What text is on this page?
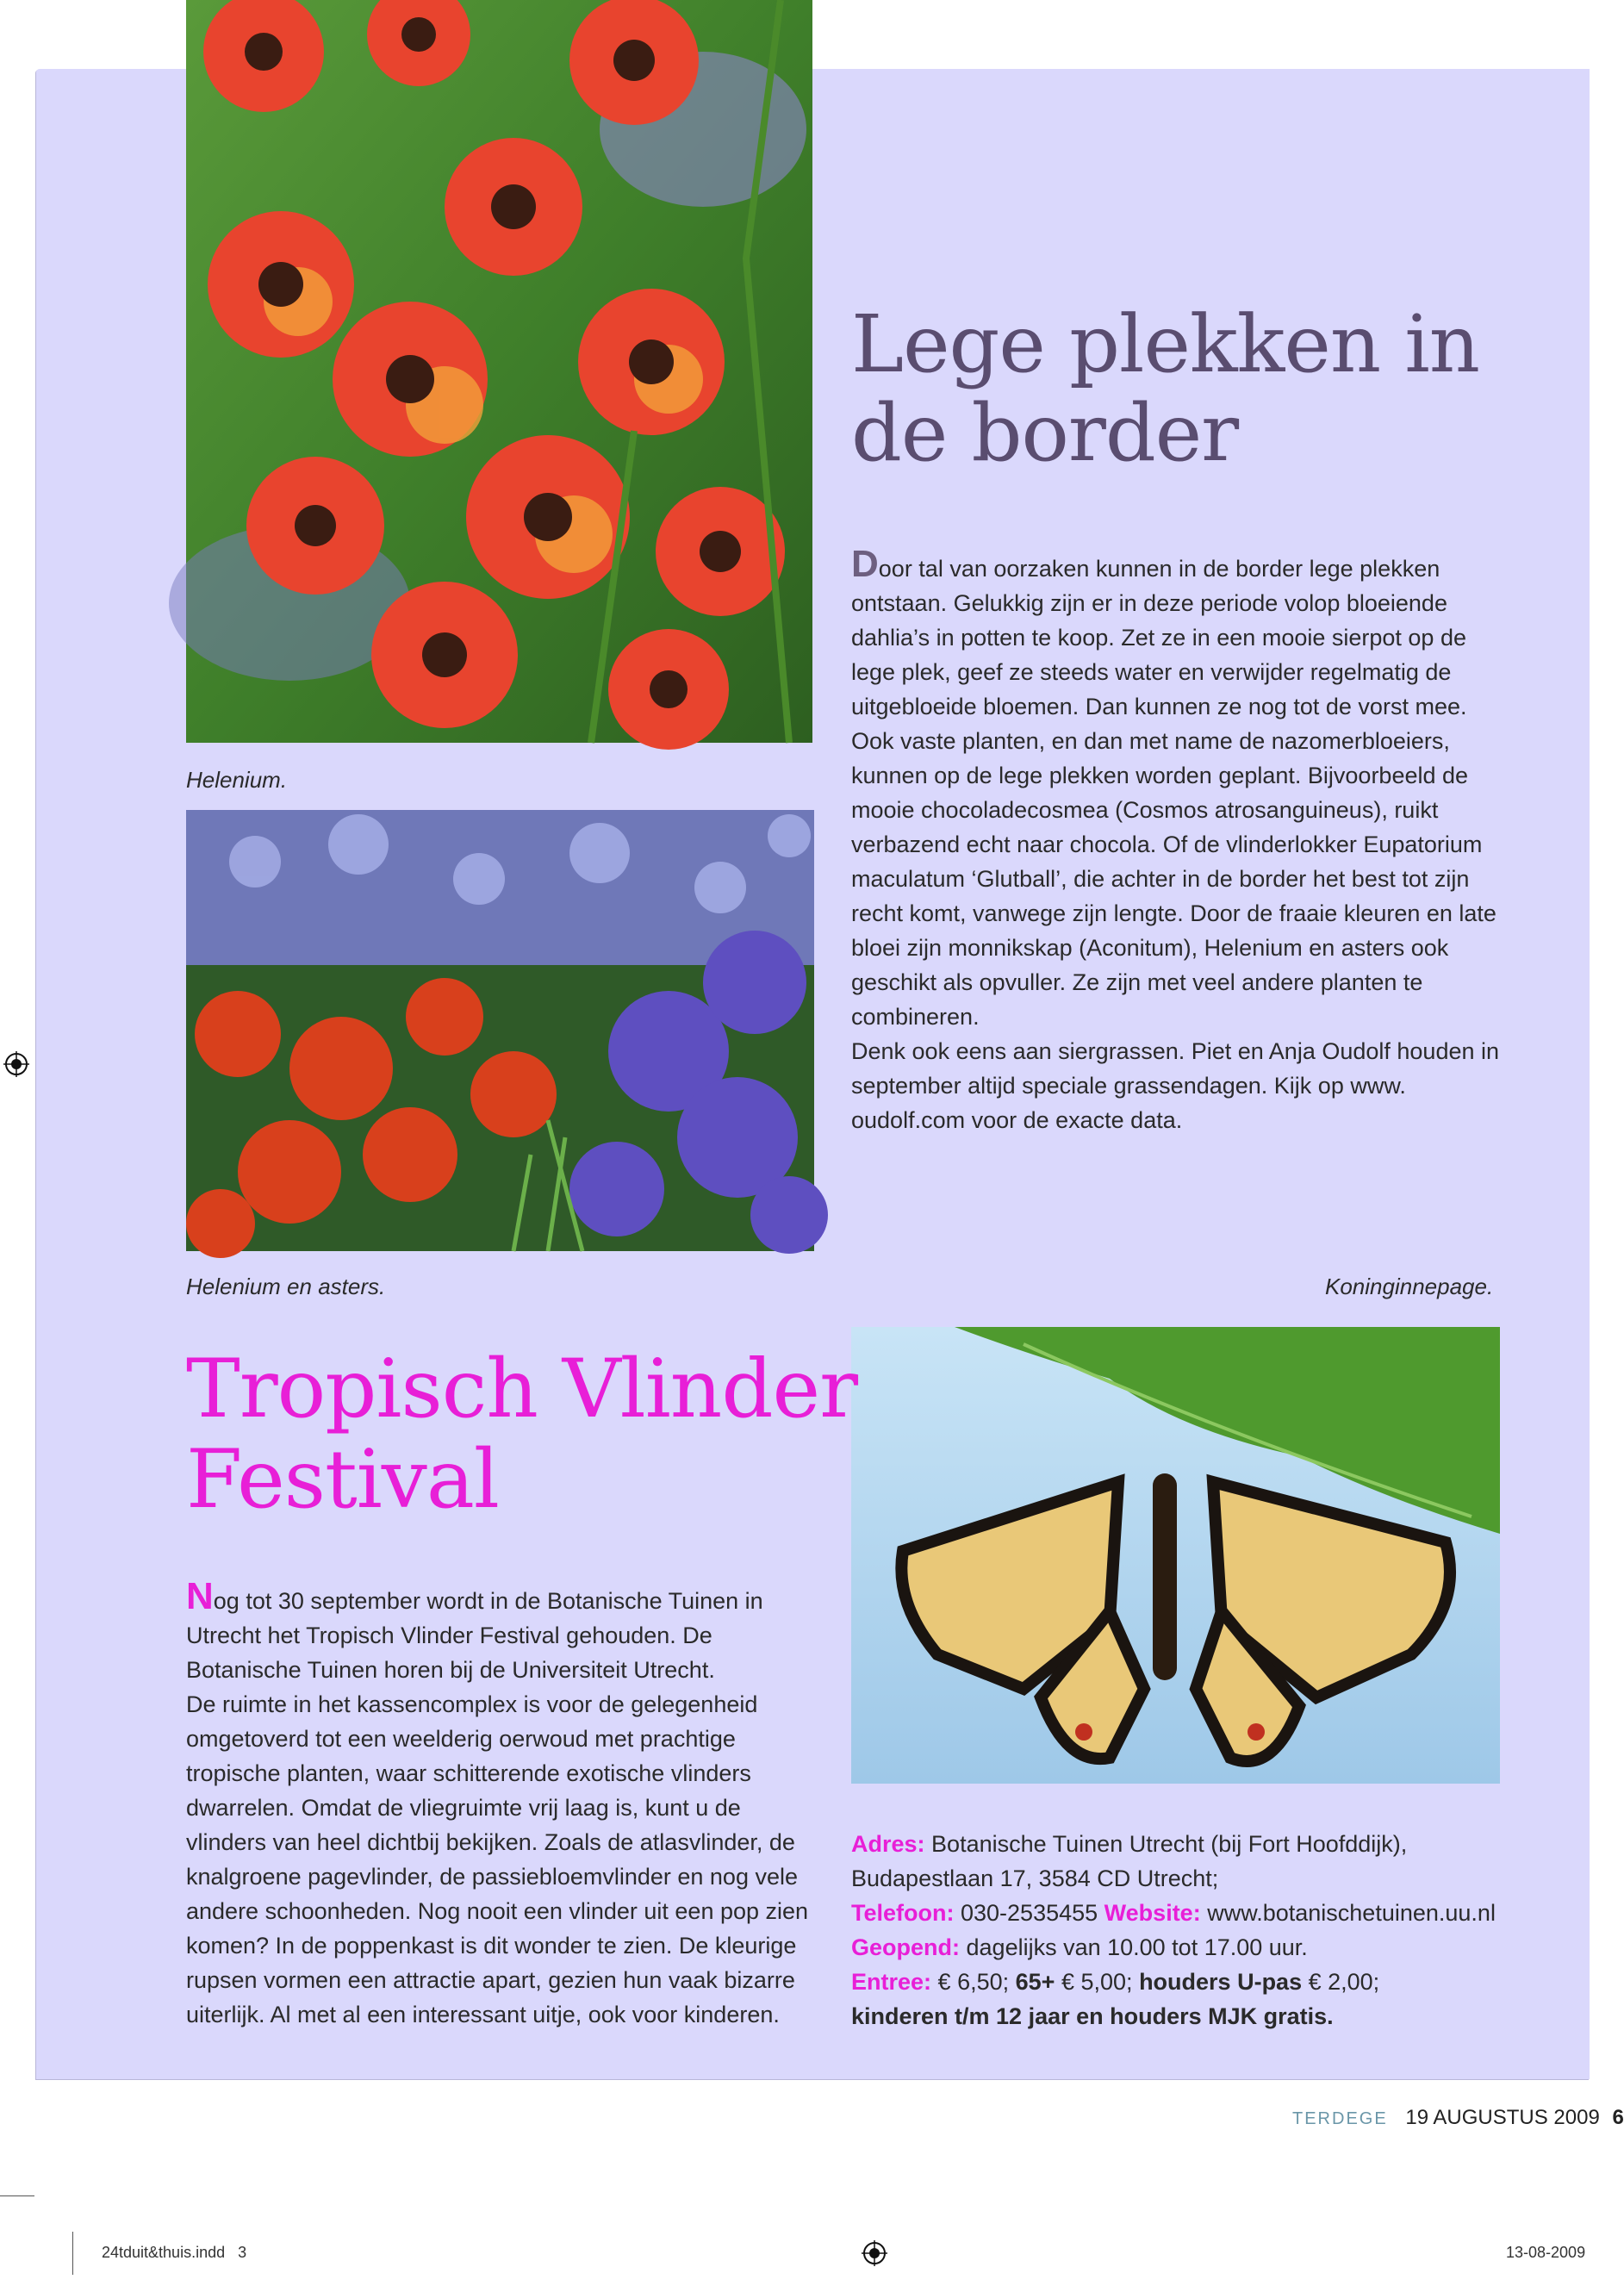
Helenium.
Helenium en asters.	Koninginnepage.
Lege plekken in
de border

Door tal van oorzaken kunnen in de border lege plekken ontstaan. Gelukkig zijn er in deze periode volop bloeiende dahlia’s in potten te koop. Zet ze in een mooie sierpot op de lege plek, geef ze steeds water en verwijder regelmatig de uitgebloeide bloemen. Dan kunnen ze nog tot de vorst mee. Ook vaste planten, en dan met name de nazomerbloeiers, kunnen op de lege plekken worden geplant. Bijvoorbeeld de mooie chocoladecosmea (Cosmos atrosanguineus), ruikt verbazend echt naar chocola. Of de vlinderlokker Eupatorium maculatum ‘Glutball’, die achter in de border het best tot zijn recht komt, vanwege zijn lengte. Door de fraaie kleuren en late bloei zijn monnikskap (Aconitum), Helenium en asters ook geschikt als opvuller. Ze zijn met veel andere planten te combineren.

Denk ook eens aan siergrassen. Piet en Anja Oudolf houden in september altijd speciale grassendagen. Kijk op www. oudolf.com voor de exacte data.

Tropisch Vlinder
Festival

Nog tot 30 september wordt in de Botanische Tuinen in Utrecht het Tropisch Vlinder Festival gehouden. De Botanische Tuinen horen bij de Universiteit Utrecht.

De ruimte in het kassencomplex is voor de gelegenheid omgetoverd tot een weelderig oerwoud met prachtige tropische planten, waar schitterende exotische vlinders dwarrelen. Omdat de vliegruimte vrij laag is, kunt u de vlinders van heel dichtbij bekijken. Zoals de atlasvlinder, de knalgroene pagevlinder, de passiebloemvlinder en nog vele andere schoonheden. Nog nooit een vlinder uit een pop zien komen? In de poppenkast is dit wonder te zien. De kleurige rupsen vormen een attractie apart, gezien hun vaak bizarre uiterlijk. Al met al een interessant uitje, ook voor kinderen.

Adres: Botanische Tuinen Utrecht (bij Fort Hoofddijk), Budapestlaan 17, 3584 CD Utrecht;
Telefoon: 030-2535455 Website: www.botanischetuinen.uu.nl
Geopend: dagelijks van 10.00 tot 17.00 uur.
Entree: € 6,50; 65+ € 5,00; houders U-pas € 2,00;
kinderen t/m 12 jaar en houders MJK gratis.
TERDEGE 19 AUGUSTUS 2009 6
24tduit&thuis.indd   3	13-08-2009
